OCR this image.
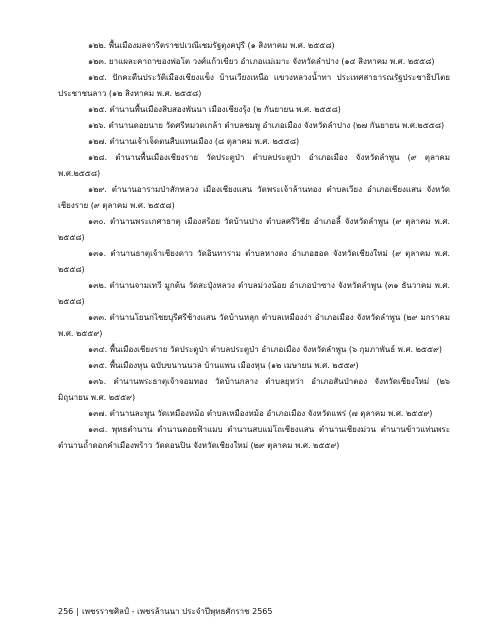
๑๒๒. พื้นเมืองมลจารีตราชปเวณีเชมรัฐตุงคปุรี (๑ สิงหาคม พ.ศ. ๒๕๕๘)

๑๒๓. ยาแผละคาถาของพ่อโต วงศ์แก้วเขียว อำเภอแม่เมาะ จังหวัดลำปาง (๑๔ สิงหาคม พ.ศ. ๒๕๕๘)

๑๒๔. ปักคะตืนประวัติเมืองเชียงแข็ง บ้านเวียงเหนือ แขวงหลวงน้ำทา ประเทศสาธารณรัฐประชาธิปไตยประชาชนลาว (๑๒ สิงหาคม พ.ศ. ๒๕๕๘)

๑๒๕. ตำนานพื้นเมืองสิบสองพันนา เมืองเชียงรุ้ง (๒ กันยายน พ.ศ. ๒๕๕๘)

๑๒๖. ตำนานดอยนาย วัดศรีหมวดเกล้า ตำบลชมพู อำเภอเมือง จังหวัดลำปาง (๒๗ กันยายน พ.ศ.๒๕๕๘)

๑๒๗. ตำนานเจ้าเจ็ดตนสืบแทนเมือง (๘ ตุลาคม พ.ศ. ๒๕๕๘)

๑๒๘. ตำนานพื้นเมืองเชียงราย วัดประตูป่า ตำบลประตูป่า อำเภอเมือง จังหวัดลำพูน (๙ ตุลาคม พ.ศ.๒๕๕๘)

๑๒๙. ตำนานอารามป่าสักหลวง เมืองเชียงแสน วัดพระเจ้าล้านทอง ตำบลเวียง อำเภอเชียงแสน จังหวัดเชียงราย (๙ ตุลาคม พ.ศ. ๒๕๕๘)

๑๓๐. ตำนานพระเกศาธาตุ เมืองสร้อย วัดบ้านปาง ตำบลศรีวิชัย อำเภอลี้ จังหวัดลำพูน (๙ ตุลาคม พ.ศ. ๒๕๕๘)

๑๓๑. ตำนานธาตุเจ้าเชียงดาว วัดอินทาราม ตำบลหางดง อำเภอฮอด จังหวัดเชียงใหม่ (๙ ตุลาคม พ.ศ. ๒๕๕๘)

๑๓๒. ตำนานจามเทวี มูกต้น วัดสะปุ๋งหลวง ตำบลม่วงน้อย อำเภอป่าซาง จังหวัดลำพูน (๓๑ ธันวาคม พ.ศ. ๒๕๕๘)

๑๓๓. ตำนานโยนกไชยบุรีศรีช้างแสน วัดบ้านหลุก ตำบลเหมืองง่า อำเภอเมือง จังหวัดลำพูน (๒๙ มกราคม พ.ศ. ๒๕๕๙)

๑๓๔. พื้นเมืองเชียงราย วัดประตูป่า ตำบลประตูป่า อำเภอเมือง จังหวัดลำพูน (๖ กุมภาพันธ์ พ.ศ. ๒๕๕๙)

๑๓๕. พื้นเมืองหุน ฉบับขนานนวล บ้านแพน เมืองหุน (๑๒ เมษายน พ.ศ. ๒๕๕๙)

๑๓๖. ตำนานพระธาตุเจ้าจอมทอง วัดบ้านกลาง ตำบลยุหว่า อำเภอสันป่าตอง จังหวัดเชียงใหม่ (๒๖ มิถุนายน พ.ศ. ๒๕๕๙)

๑๓๗. ตำนานละพูน วัดเหมืองหม้อ ตำบลเหมืองหม้อ อำเภอเมือง จังหวัดแพร่ (๗ ตุลาคม พ.ศ. ๒๕๕๙)

๑๓๘. พุทธตำนาน ตำนานดอยฟ้าแมบ ตำนานสบแม่โถเชียงแสน ตำนานเชียงม่วน ตำนานข้าวแท่นพระ ตำนานถ้ำดอกคำเมืองพร้าว วัดดอนปิน จังหวัดเชียงใหม่ (๒๙ ตุลาคม พ.ศ. ๒๕๕๙)

256 | เพชรราชศิลป์ - เพชรล้านนา ประจำปีพุทธศักราช 2565
